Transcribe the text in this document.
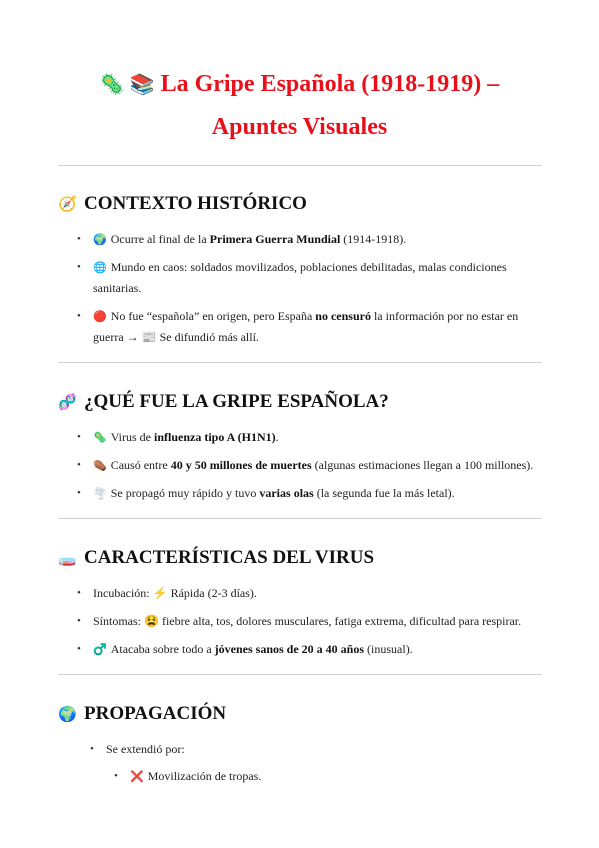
🦠 📚 La Gripe Española (1918-1919) –
Apuntes Visuales
🧭 CONTEXTO HISTÓRICO
• 🌍 Ocurre al final de la Primera Guerra Mundial (1914-1918).
• 🌐 Mundo en caos: soldados movilizados, poblaciones debilitadas, malas condiciones sanitarias.
• 🔴 No fue “española” en origen, pero España no censuró la información por no estar en guerra → 📰 Se difundió más allí.
🧬 ¿QUÉ FUE LA GRIPE ESPAÑOLA?
• 🦠 Virus de influenza tipo A (H1N1).
• ⚰️ Causó entre 40 y 50 millones de muertes (algunas estimaciones llegan a 100 millones).
• 🌪️ Se propagó muy rápido y tuvo varias olas (la segunda fue la más letal).
🧫 CARACTERÍSTICAS DEL VIRUS
• Incubación: ⚡ Rápida (2-3 días).
• Síntomas: 😫 fiebre alta, tos, dolores musculares, fatiga extrema, dificultad para respirar.
• ♂️ Atacaba sobre todo a jóvenes sanos de 20 a 40 años (inusual).
🌍 PROPAGACIÓN
• Se extendió por:
• ❌ Movilización de tropas.
